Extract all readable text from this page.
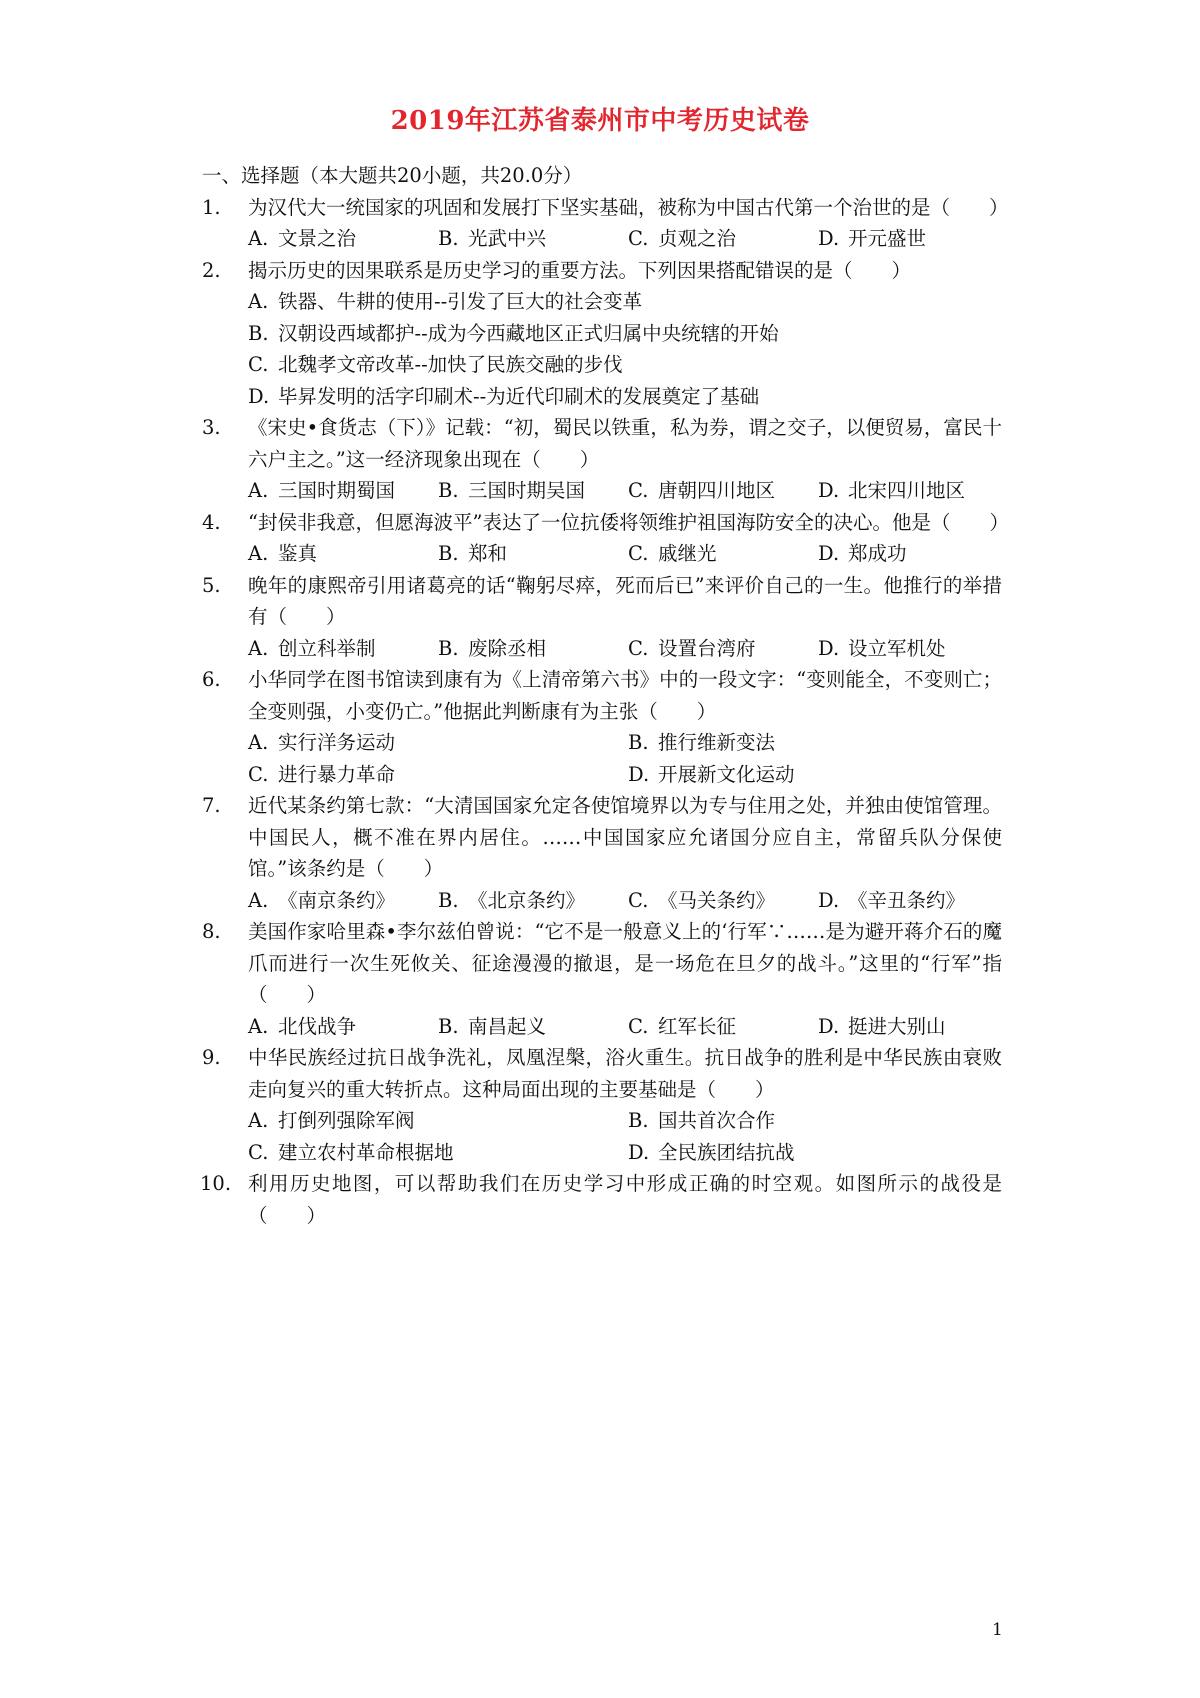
2019年江苏省泰州市中考历史试卷
一、选择题（本大题共20小题，共20.0分）
1.	为汉代大一统国家的巩固和发展打下坚实基础，被称为中国古代第一个治世的是（　　）
A. 文景之治	B. 光武中兴	C. 贞观之治	D. 开元盛世
2.	揭示历史的因果联系是历史学习的重要方法。下列因果搭配错误的是（　　）
A. 铁器、牛耕的使用--引发了巨大的社会变革
B. 汉朝设西域都护--成为今西藏地区正式归属中央统辖的开始
C. 北魏孝文帝改革--加快了民族交融的步伐
D. 毕昇发明的活字印刷术--为近代印刷术的发展奠定了基础
3.	《宋史•食货志（下）》记载：“初，蜀民以铁重，私为券，谓之交子，以便贸易，富民十六户主之。”这一经济现象出现在（　　）
A. 三国时期蜀国	B. 三国时期吴国	C. 唐朝四川地区	D. 北宋四川地区
4.	“封侯非我意，但愿海波平”表达了一位抗倭将领维护祖国海防安全的决心。他是（　　）
A. 鉴真	B. 郑和	C. 戚继光	D. 郑成功
5.	晚年的康熙帝引用诸葛亮的话“鞠躬尽瘁，死而后已”来评价自己的一生。他推行的举措有（　　）
A. 创立科举制	B. 废除丞相	C. 设置台湾府	D. 设立军机处
6.	小华同学在图书馆读到康有为《上清帝第六书》中的一段文字：“变则能全，不变则亡；全变则强，小变仍亡。”他据此判断康有为主张（　　）
A. 实行洋务运动	B. 推行维新变法
C. 进行暴力革命	D. 开展新文化运动
7.	近代某条约第七款：“大清国国家允定各使馆境界以为专与住用之处，并独由使馆管理。中国民人，概不准在界内居住。……中国国家应允诸国分应自主，常留兵队分保使馆。”该条约是（　　）
A. 《南京条约》	B. 《北京条约》	C. 《马关条约》	D. 《辛丑条约》
8.	美国作家哈里森•李尔兹伯曾说：“它不是一般意义上的‘行军∵……是为避开蒋介石的魔爪而进行一次生死攸关、征途漫漫的撤退，是一场危在旦夕的战斗。”这里的“行军”指（　　）
A. 北伐战争	B. 南昌起义	C. 红军长征	D. 挺进大别山
9.	中华民族经过抗日战争洗礼，凤凰涅槃，浴火重生。抗日战争的胜利是中华民族由衰败走向复兴的重大转折点。这种局面出现的主要基础是（　　）
A. 打倒列强除军阀	B. 国共首次合作
C. 建立农村革命根据地	D. 全民族团结抗战
10. 利用历史地图，可以帮助我们在历史学习中形成正确的时空观。如图所示的战役是（　　）
1
